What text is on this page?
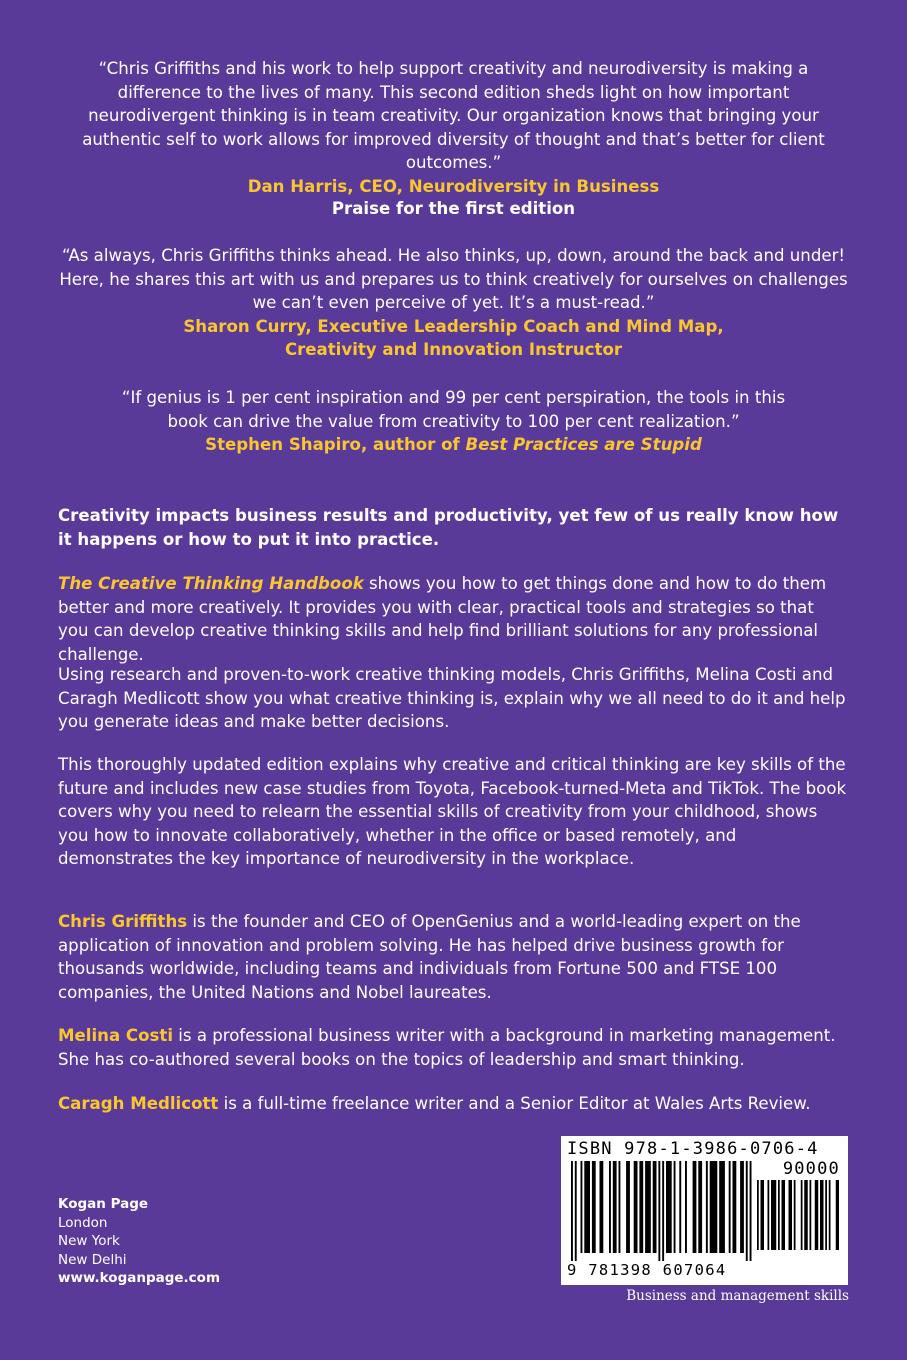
“Chris Griffiths and his work to help support creativity and neurodiversity is making a difference to the lives of many. This second edition sheds light on how important neurodivergent thinking is in team creativity. Our organization knows that bringing your authentic self to work allows for improved diversity of thought and that’s better for client outcomes.”

Dan Harris, CEO, Neurodiversity in Business

Praise for the first edition

“As always, Chris Griffiths thinks ahead. He also thinks, up, down, around the back and under! Here, he shares this art with us and prepares us to think creatively for ourselves on challenges we can’t even perceive of yet. It’s a must-read.”

Sharon Curry, Executive Leadership Coach and Mind Map,

Creativity and Innovation Instructor

“If genius is 1 per cent inspiration and 99 per cent perspiration, the tools in this book can drive the value from creativity to 100 per cent realization.”

Stephen Shapiro, author of Best Practices are Stupid

Creativity impacts business results and productivity, yet few of us really know how it happens or how to put it into practice.
The Creative Thinking Handbook shows you how to get things done and how to do them better and more creatively. It provides you with clear, practical tools and strategies so that you can develop creative thinking skills and help find brilliant solutions for any professional challenge.
Using research and proven-to-work creative thinking models, Chris Griffiths, Melina Costi and Caragh Medlicott show you what creative thinking is, explain why we all need to do it and help you generate ideas and make better decisions.
This thoroughly updated edition explains why creative and critical thinking are key skills of the future and includes new case studies from Toyota, Facebook-turned-Meta and TikTok. The book covers why you need to relearn the essential skills of creativity from your childhood, shows you how to innovate collaboratively, whether in the office or based remotely, and demonstrates the key importance of neurodiversity in the workplace.
Chris Griffiths is the founder and CEO of OpenGenius and a world-leading expert on the application of innovation and problem solving. He has helped drive business growth for thousands worldwide, including teams and individuals from Fortune 500 and FTSE 100 companies, the United Nations and Nobel laureates.
Melina Costi is a professional business writer with a background in marketing management. She has co-authored several books on the topics of leadership and smart thinking.
Caragh Medlicott is a full-time freelance writer and a Senior Editor at Wales Arts Review.
Kogan Page
London
New York
New Delhi
www.koganpage.com
ISBN 978-1-3986-0706-4
90000
9 781398 607064
Business and management skills
